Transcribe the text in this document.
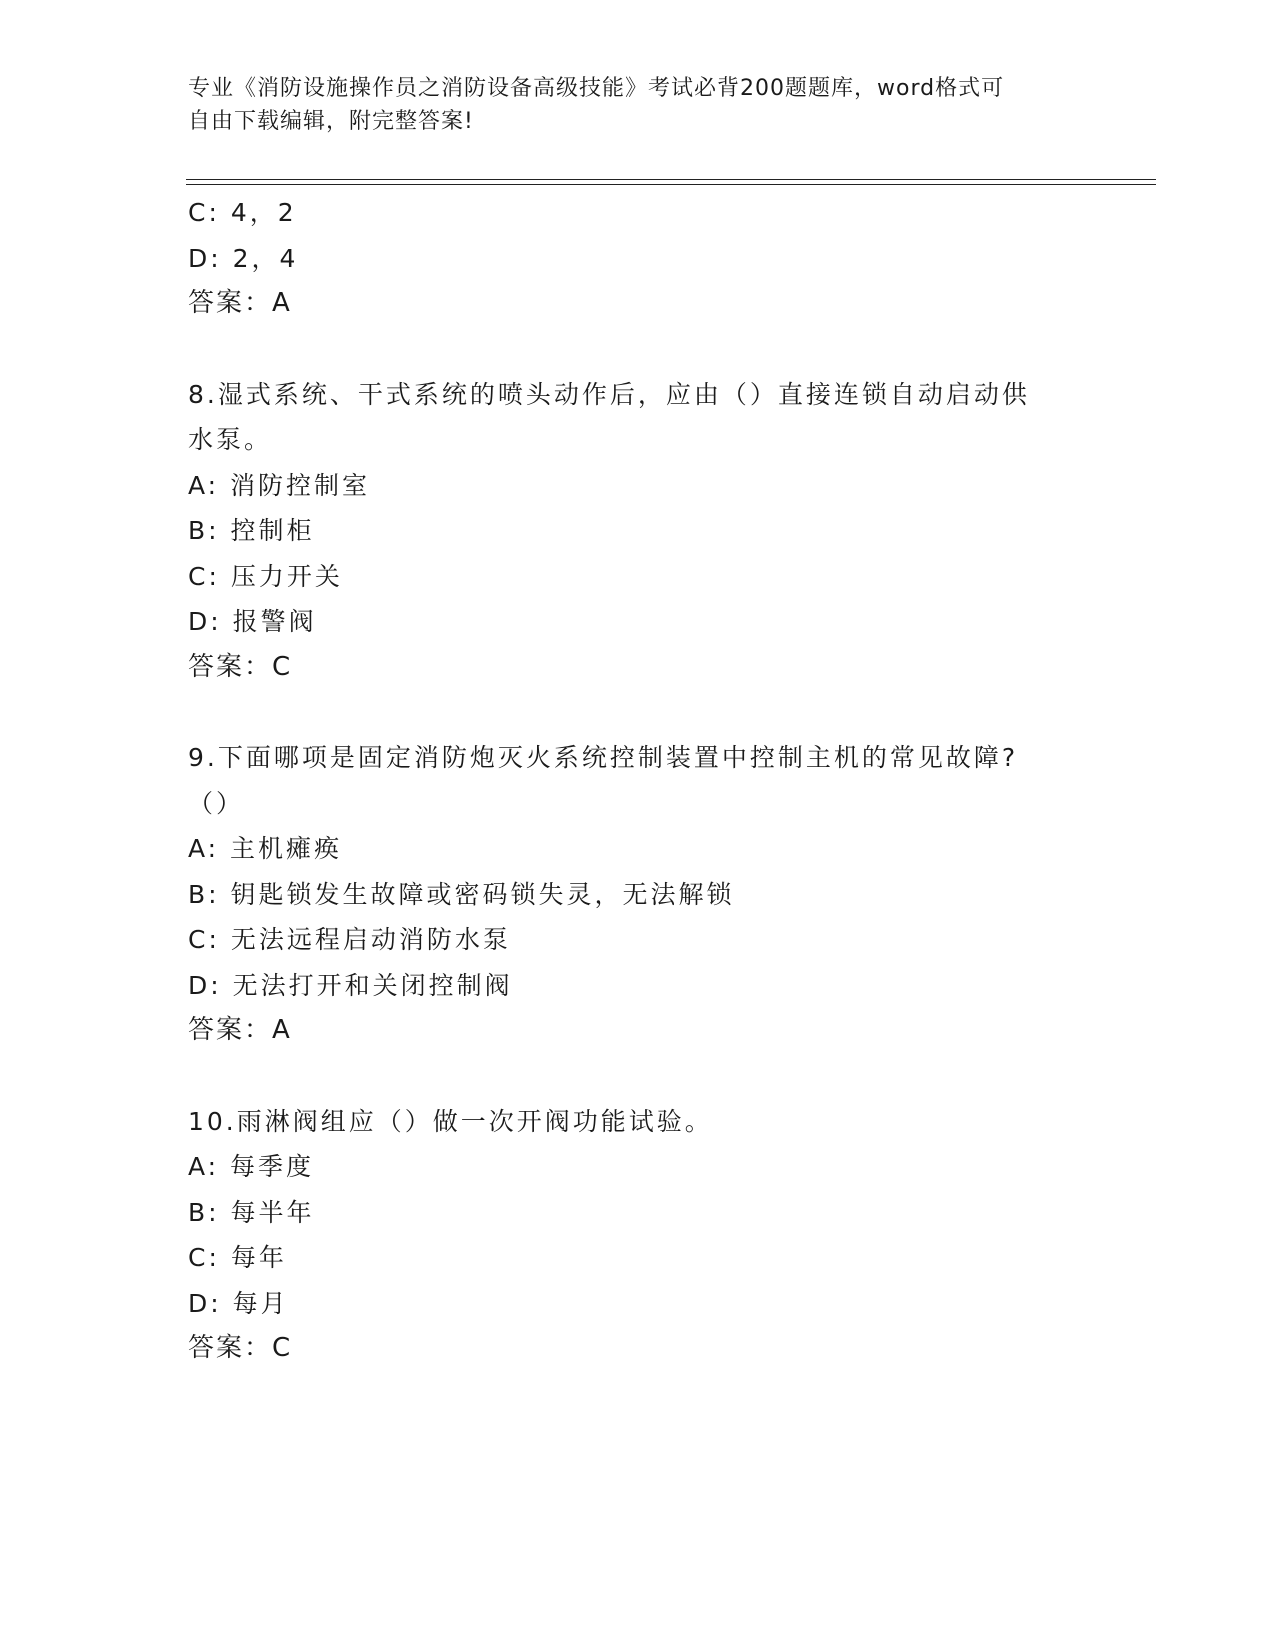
专业《消防设施操作员之消防设备高级技能》考试必背200题题库，word格式可
自由下载编辑，附完整答案!
C: 4，2
D: 2，4
答案：A
8.湿式系统、干式系统的喷头动作后，应由（）直接连锁自动启动供
水泵。
A: 消防控制室
B: 控制柜
C: 压力开关
D: 报警阀
答案：C
9.下面哪项是固定消防炮灭火系统控制装置中控制主机的常见故障?
（）
A: 主机瘫痪
B: 钥匙锁发生故障或密码锁失灵，无法解锁
C: 无法远程启动消防水泵
D: 无法打开和关闭控制阀
答案：A
10.雨淋阀组应（）做一次开阀功能试验。
A: 每季度
B: 每半年
C: 每年
D: 每月
答案：C
